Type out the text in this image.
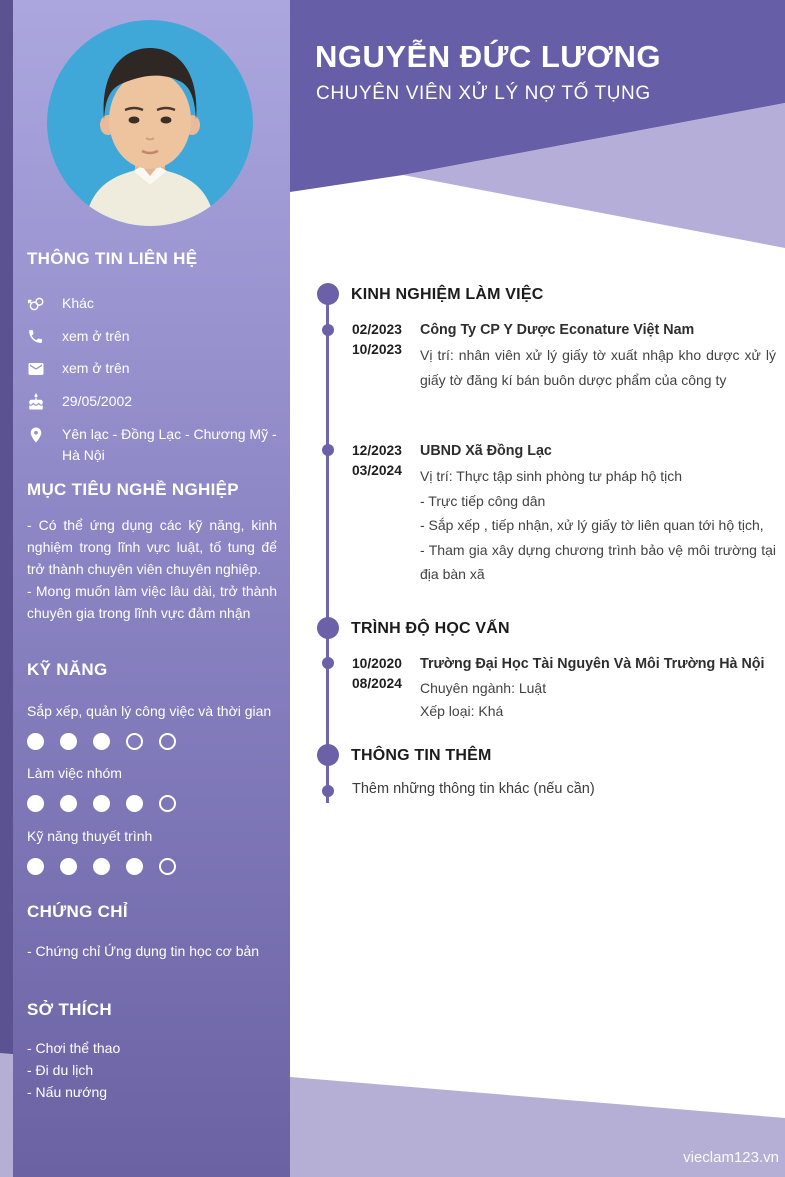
THÔNG TIN LIÊN HỆ
Khác
xem ở trên
xem ở trên
29/05/2002
Yên lạc - Đồng Lạc - Chương Mỹ - Hà Nội
MỤC TIÊU NGHỀ NGHIỆP
- Có thể ứng dụng các kỹ năng, kinh nghiệm trong lĩnh vực luật, tố tung để trở thành chuyên viên chuyên nghiệp.
- Mong muốn làm việc lâu dài, trở thành chuyên gia trong lĩnh vực đảm nhận
KỸ NĂNG
Sắp xếp, quản lý công việc và thời gian
Làm việc nhóm
Kỹ năng thuyết trình
CHỨNG CHỈ
- Chứng chỉ Ứng dụng tin học cơ bản
SỞ THÍCH
- Chơi thể thao
- Đi du lịch
- Nấu nướng
NGUYỄN ĐỨC LƯƠNG
CHUYÊN VIÊN XỬ LÝ NỢ TỐ TỤNG
KINH NGHIỆM LÀM VIỆC
02/2023
10/2023
Công Ty CP Y Dược Econature Việt Nam
Vị trí: nhân viên xử lý giấy tờ xuất nhập kho dược xử lý giấy tờ đăng kí bán buôn dược phẩm của công ty
12/2023
03/2024
UBND Xã Đồng Lạc
Vị trí: Thực tập sinh phòng tư pháp hộ tịch
- Trực tiếp công dân
- Sắp xếp , tiếp nhận, xử lý giấy tờ liên quan tới hộ tịch,
- Tham gia xây dựng chương trình bảo vệ môi trường tại địa bàn xã
TRÌNH ĐỘ HỌC VẤN
10/2020
08/2024
Trường Đại Học Tài Nguyên Và Môi Trường Hà Nội
Chuyên ngành: Luật
Xếp loại: Khá
THÔNG TIN THÊM
Thêm những thông tin khác (nếu cần)
vieclam123.vn
